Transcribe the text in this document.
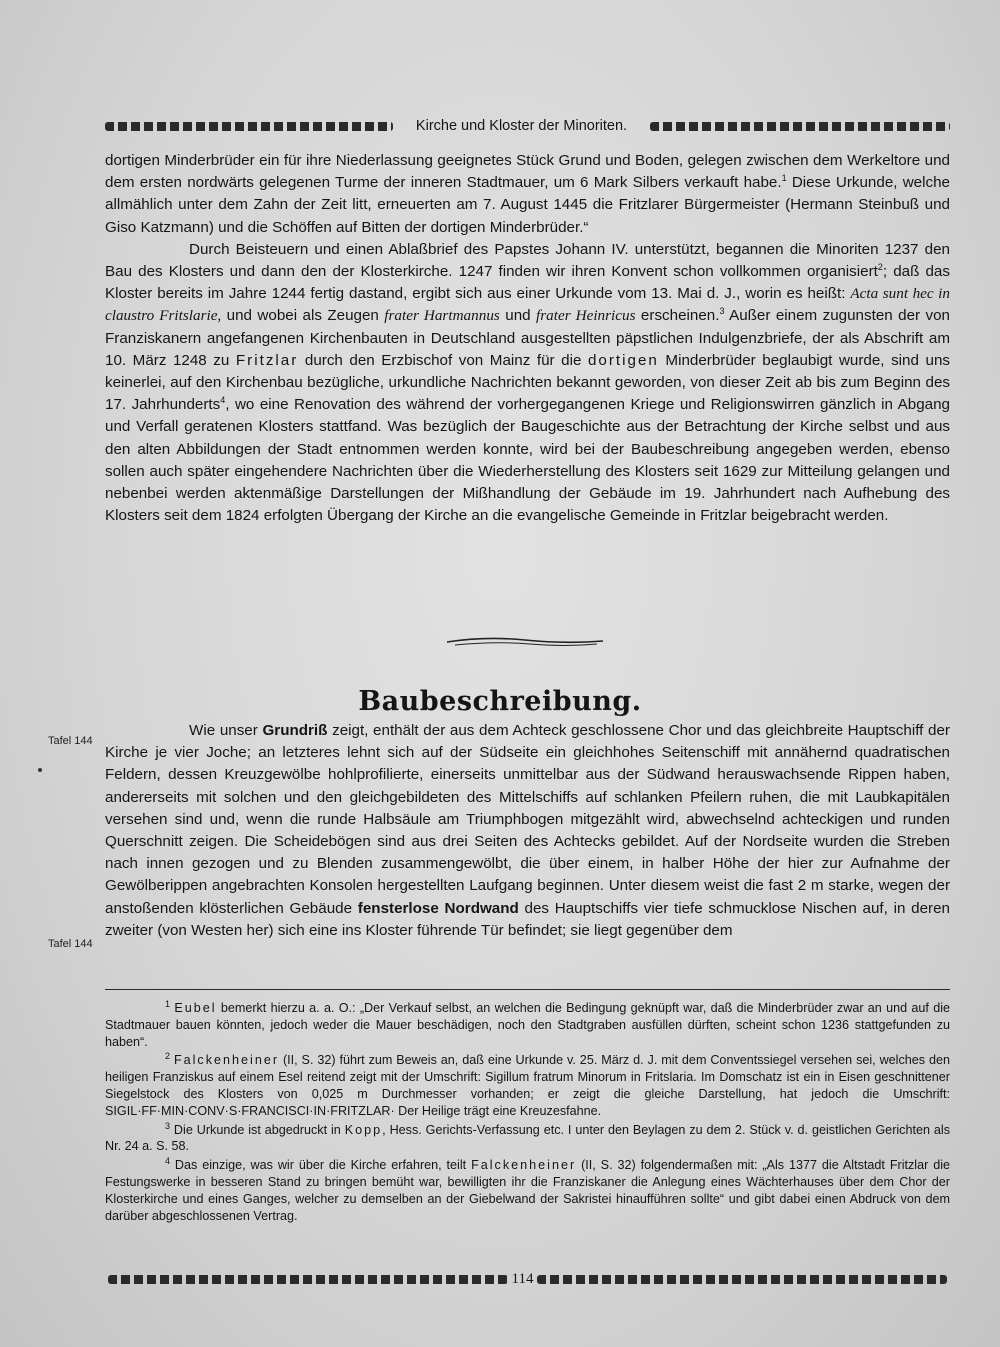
Kirche und Kloster der Minoriten.

dortigen Minderbrüder ein für ihre Niederlassung geeignetes Stück Grund und Boden, gelegen zwischen dem Werkeltore und dem ersten nordwärts gelegenen Turme der inneren Stadtmauer, um 6 Mark Silbers verkauft habe.$^1$ Diese Urkunde, welche allmählich unter dem Zahn der Zeit litt, erneuerten am 7. August 1445 die Fritzlarer Bürgermeister (Hermann Steinbuß und Giso Katzmann) und die Schöffen auf Bitten der dortigen Minderbrüder.“

Durch Beisteuern und einen Ablaßbrief des Papstes Johann IV. unterstützt, begannen die Minoriten 1237 den Bau des Klosters und dann den der Klosterkirche. 1247 finden wir ihren Konvent schon vollkommen organisiert$^2$; daß das Kloster bereits im Jahre 1244 fertig dastand, ergibt sich aus einer Urkunde vom 13. Mai d. J., worin es heißt: Acta sunt hec in claustro Fritslarie, und wobei als Zeugen frater Hartmannus und frater Heinricus erscheinen.$^3$ Außer einem zugunsten der von Franziskanern angefangenen Kirchenbauten in Deutschland ausgestellten päpstlichen Indulgenzbriefe, der als Abschrift am 10. März 1248 zu Fritzlar durch den Erzbischof von Mainz für die dortigen Minderbrüder beglaubigt wurde, sind uns keinerlei, auf den Kirchenbau bezügliche, urkundliche Nachrichten bekannt geworden, von dieser Zeit ab bis zum Beginn des 17. Jahrhunderts$^4$, wo eine Renovation des während der vorhergegangenen Kriege und Religionswirren gänzlich in Abgang und Verfall geratenen Klosters stattfand. Was bezüglich der Baugeschichte aus der Betrachtung der Kirche selbst und aus den alten Abbildungen der Stadt entnommen werden konnte, wird bei der Baubeschreibung angegeben werden, ebenso sollen auch später eingehendere Nachrichten über die Wiederherstellung des Klosters seit 1629 zur Mitteilung gelangen und nebenbei werden aktenmäßige Darstellungen der Mißhandlung der Gebäude im 19. Jahrhundert nach Aufhebung des Klosters seit dem 1824 erfolgten Übergang der Kirche an die evangelische Gemeinde in Fritzlar beigebracht werden.

Baubeschreibung.
Tafel 144
Tafel 144

Wie unser Grundriß zeigt, enthält der aus dem Achteck geschlossene Chor und das gleichbreite Hauptschiff der Kirche je vier Joche; an letzteres lehnt sich auf der Südseite ein gleichhohes Seitenschiff mit annähernd quadratischen Feldern, dessen Kreuzgewölbe hohlprofilierte, einerseits unmittelbar aus der Südwand herauswachsende Rippen haben, andererseits mit solchen und den gleichgebildeten des Mittelschiffs auf schlanken Pfeilern ruhen, die mit Laubkapitälen versehen sind und, wenn die runde Halbsäule am Triumphbogen mitgezählt wird, abwechselnd achteckigen und runden Querschnitt zeigen. Die Scheidebögen sind aus drei Seiten des Achtecks gebildet. Auf der Nordseite wurden die Streben nach innen gezogen und zu Blenden zusammengewölbt, die über einem, in halber Höhe der hier zur Aufnahme der Gewölberippen angebrachten Konsolen hergestellten Laufgang beginnen. Unter diesem weist die fast 2 m starke, wegen der anstoßenden klösterlichen Gebäude fensterlose Nordwand des Hauptschiffs vier tiefe schmucklose Nischen auf, in deren zweiter (von Westen her) sich eine ins Kloster führende Tür befindet; sie liegt gegenüber dem

$^1$ Eubel bemerkt hierzu a. a. O.: „Der Verkauf selbst, an welchen die Bedingung geknüpft war, daß die Minderbrüder zwar an und auf die Stadtmauer bauen könnten, jedoch weder die Mauer beschädigen, noch den Stadtgraben ausfüllen dürften, scheint schon 1236 stattgefunden zu haben“.

$^2$ Falckenheiner (II, S. 32) führt zum Beweis an, daß eine Urkunde v. 25. März d. J. mit dem Conventssiegel versehen sei, welches den heiligen Franziskus auf einem Esel reitend zeigt mit der Umschrift: Sigillum fratrum Minorum in Fritslaria. Im Domschatz ist ein in Eisen geschnittener Siegelstock des Klosters von 0,025 m Durchmesser vorhanden; er zeigt die gleiche Darstellung, hat jedoch die Umschrift: SIGIL·FF·MIN·CONV·S·FRANCISCI·IN·FRITZLAR· Der Heilige trägt eine Kreuzesfahne.

$^3$ Die Urkunde ist abgedruckt in Kopp, Hess. Gerichts-Verfassung etc. I unter den Beylagen zu dem 2. Stück v. d. geistlichen Gerichten als Nr. 24 a. S. 58.

$^4$ Das einzige, was wir über die Kirche erfahren, teilt Falckenheiner (II, S. 32) folgendermaßen mit: „Als 1377 die Altstadt Fritzlar die Festungswerke in besseren Stand zu bringen bemüht war, bewilligten ihr die Franziskaner die Anlegung eines Wächterhauses über dem Chor der Klosterkirche und eines Ganges, welcher zu demselben an der Giebelwand der Sakristei hinaufführen sollte“ und gibt dabei einen Abdruck von dem darüber abgeschlossenen Vertrag.

114
